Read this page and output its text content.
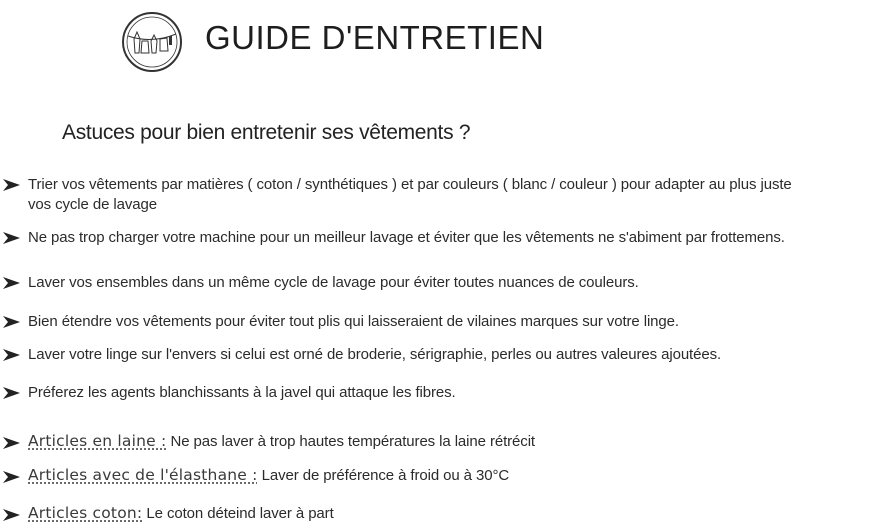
GUIDE D'ENTRETIEN
Astuces pour bien entretenir ses vêtements ?
Trier vos vêtements par matières ( coton / synthétiques ) et par couleurs ( blanc / couleur ) pour adapter au plus juste
vos cycle de lavage
Ne pas trop charger votre machine pour un meilleur lavage et éviter que les vêtements ne s'abiment par frottemens.
Laver vos ensembles dans un même cycle de lavage pour éviter toutes nuances de couleurs.
Bien étendre vos vêtements pour éviter tout plis qui laisseraient de vilaines marques sur votre linge.
Laver votre linge sur l'envers si celui est orné de broderie, sérigraphie, perles ou autres valeures ajoutées.
Préferez les agents blanchissants à la javel qui attaque les fibres.
Articles en laine : Ne pas laver à trop hautes températures la laine rétrécit
Articles avec de l'élasthane : Laver de préférence à froid ou à 30°C
Articles coton: Le coton déteind laver à part
